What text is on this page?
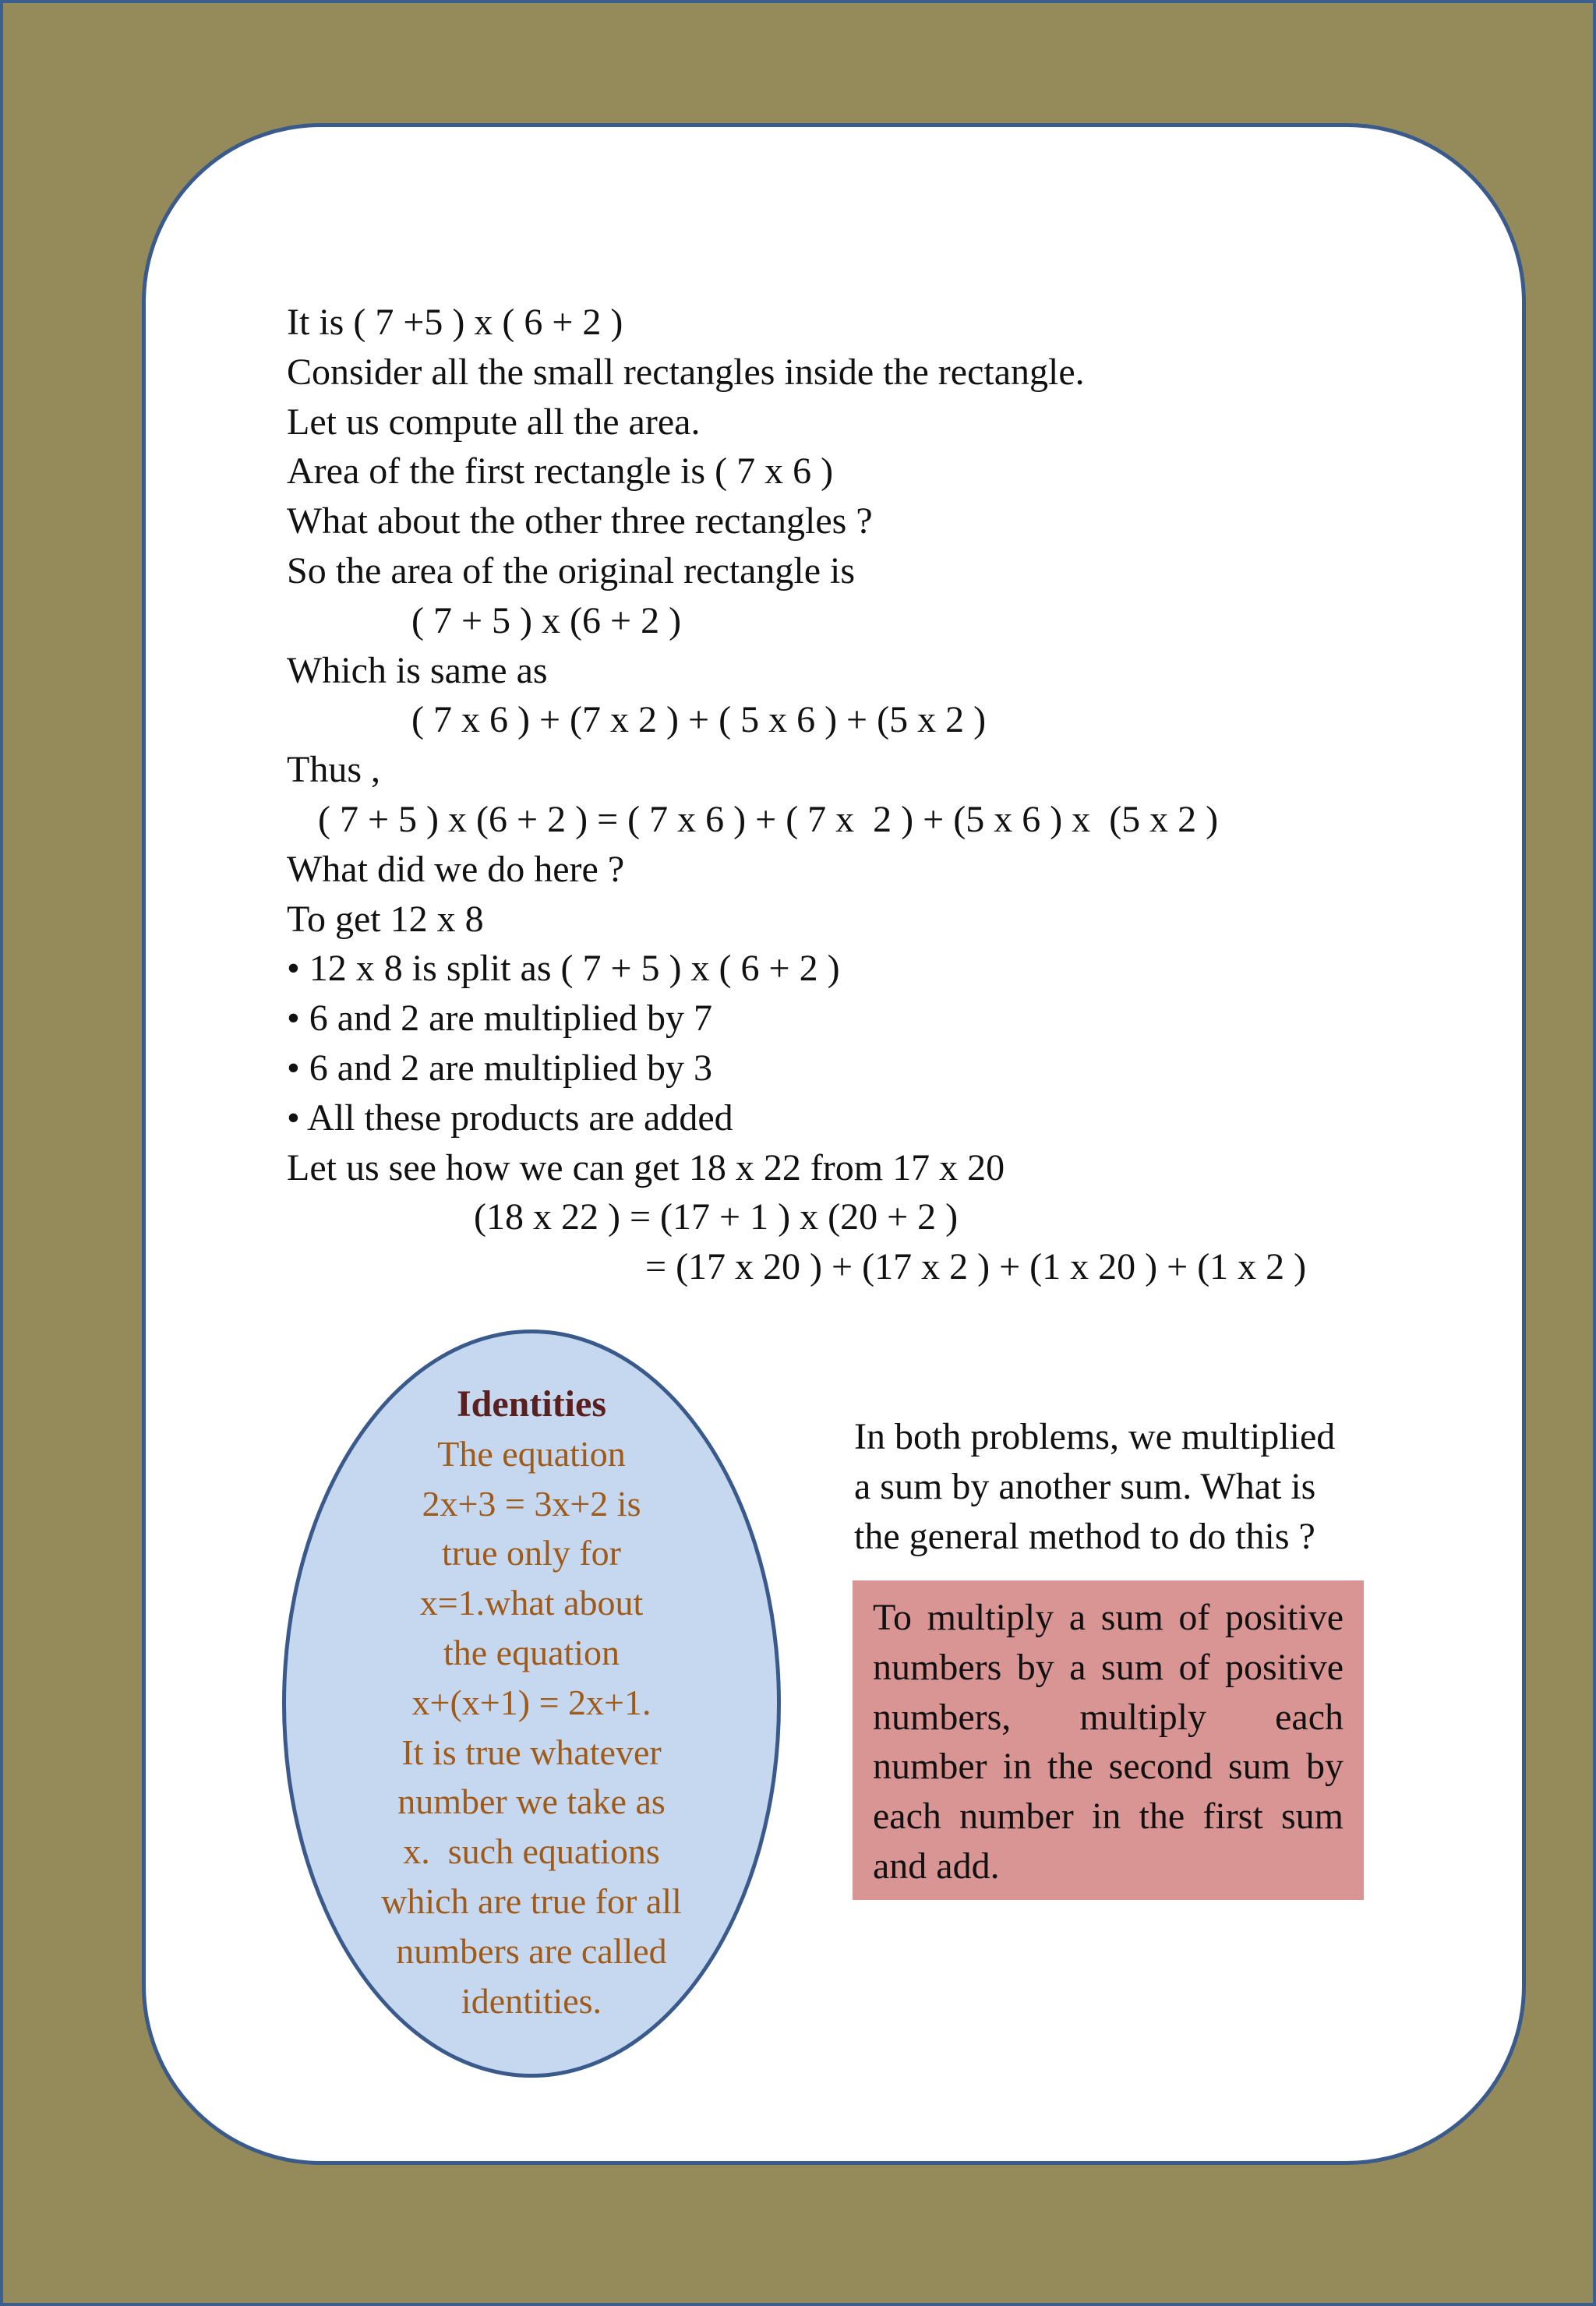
It is ( 7 +5 ) x ( 6 + 2 )
Consider all the small rectangles inside the rectangle.
Let us compute all the area.
Area of the first rectangle is ( 7 x 6 )
What about the other three rectangles ?
So the area of the original rectangle is
( 7 + 5 ) x (6 + 2 )
Which is same as
( 7 x 6 ) + (7 x 2 ) + ( 5 x 6 ) + (5 x 2 )
Thus ,
( 7 + 5 ) x (6 + 2 ) = ( 7 x 6 ) + ( 7 x  2 ) + (5 x 6 ) x  (5 x 2 )
What did we do here ?
To get 12 x 8
• 12 x 8 is split as ( 7 + 5 ) x ( 6 + 2 )
• 6 and 2 are multiplied by 7
• 6 and 2 are multiplied by 3
• All these products are added
Let us see how we can get 18 x 22 from 17 x 20
(18 x 22 ) = (17 + 1 ) x (20 + 2 )
= (17 x 20 ) + (17 x 2 ) + (1 x 20 ) + (1 x 2 )
Identities

The equation
2x+3 = 3x+2 is
true only for
x=1.what about
the equation
x+(x+1) = 2x+1.
It is true whatever
number we take as
x.  such equations
which are true for all
numbers are called
identities.
In both problems, we multiplied
a sum by another sum. What is
the general method to do this ?
To multiply a sum of positive numbers by a sum of positive numbers, multiply each number in the second sum by each number in the first sum and add.
